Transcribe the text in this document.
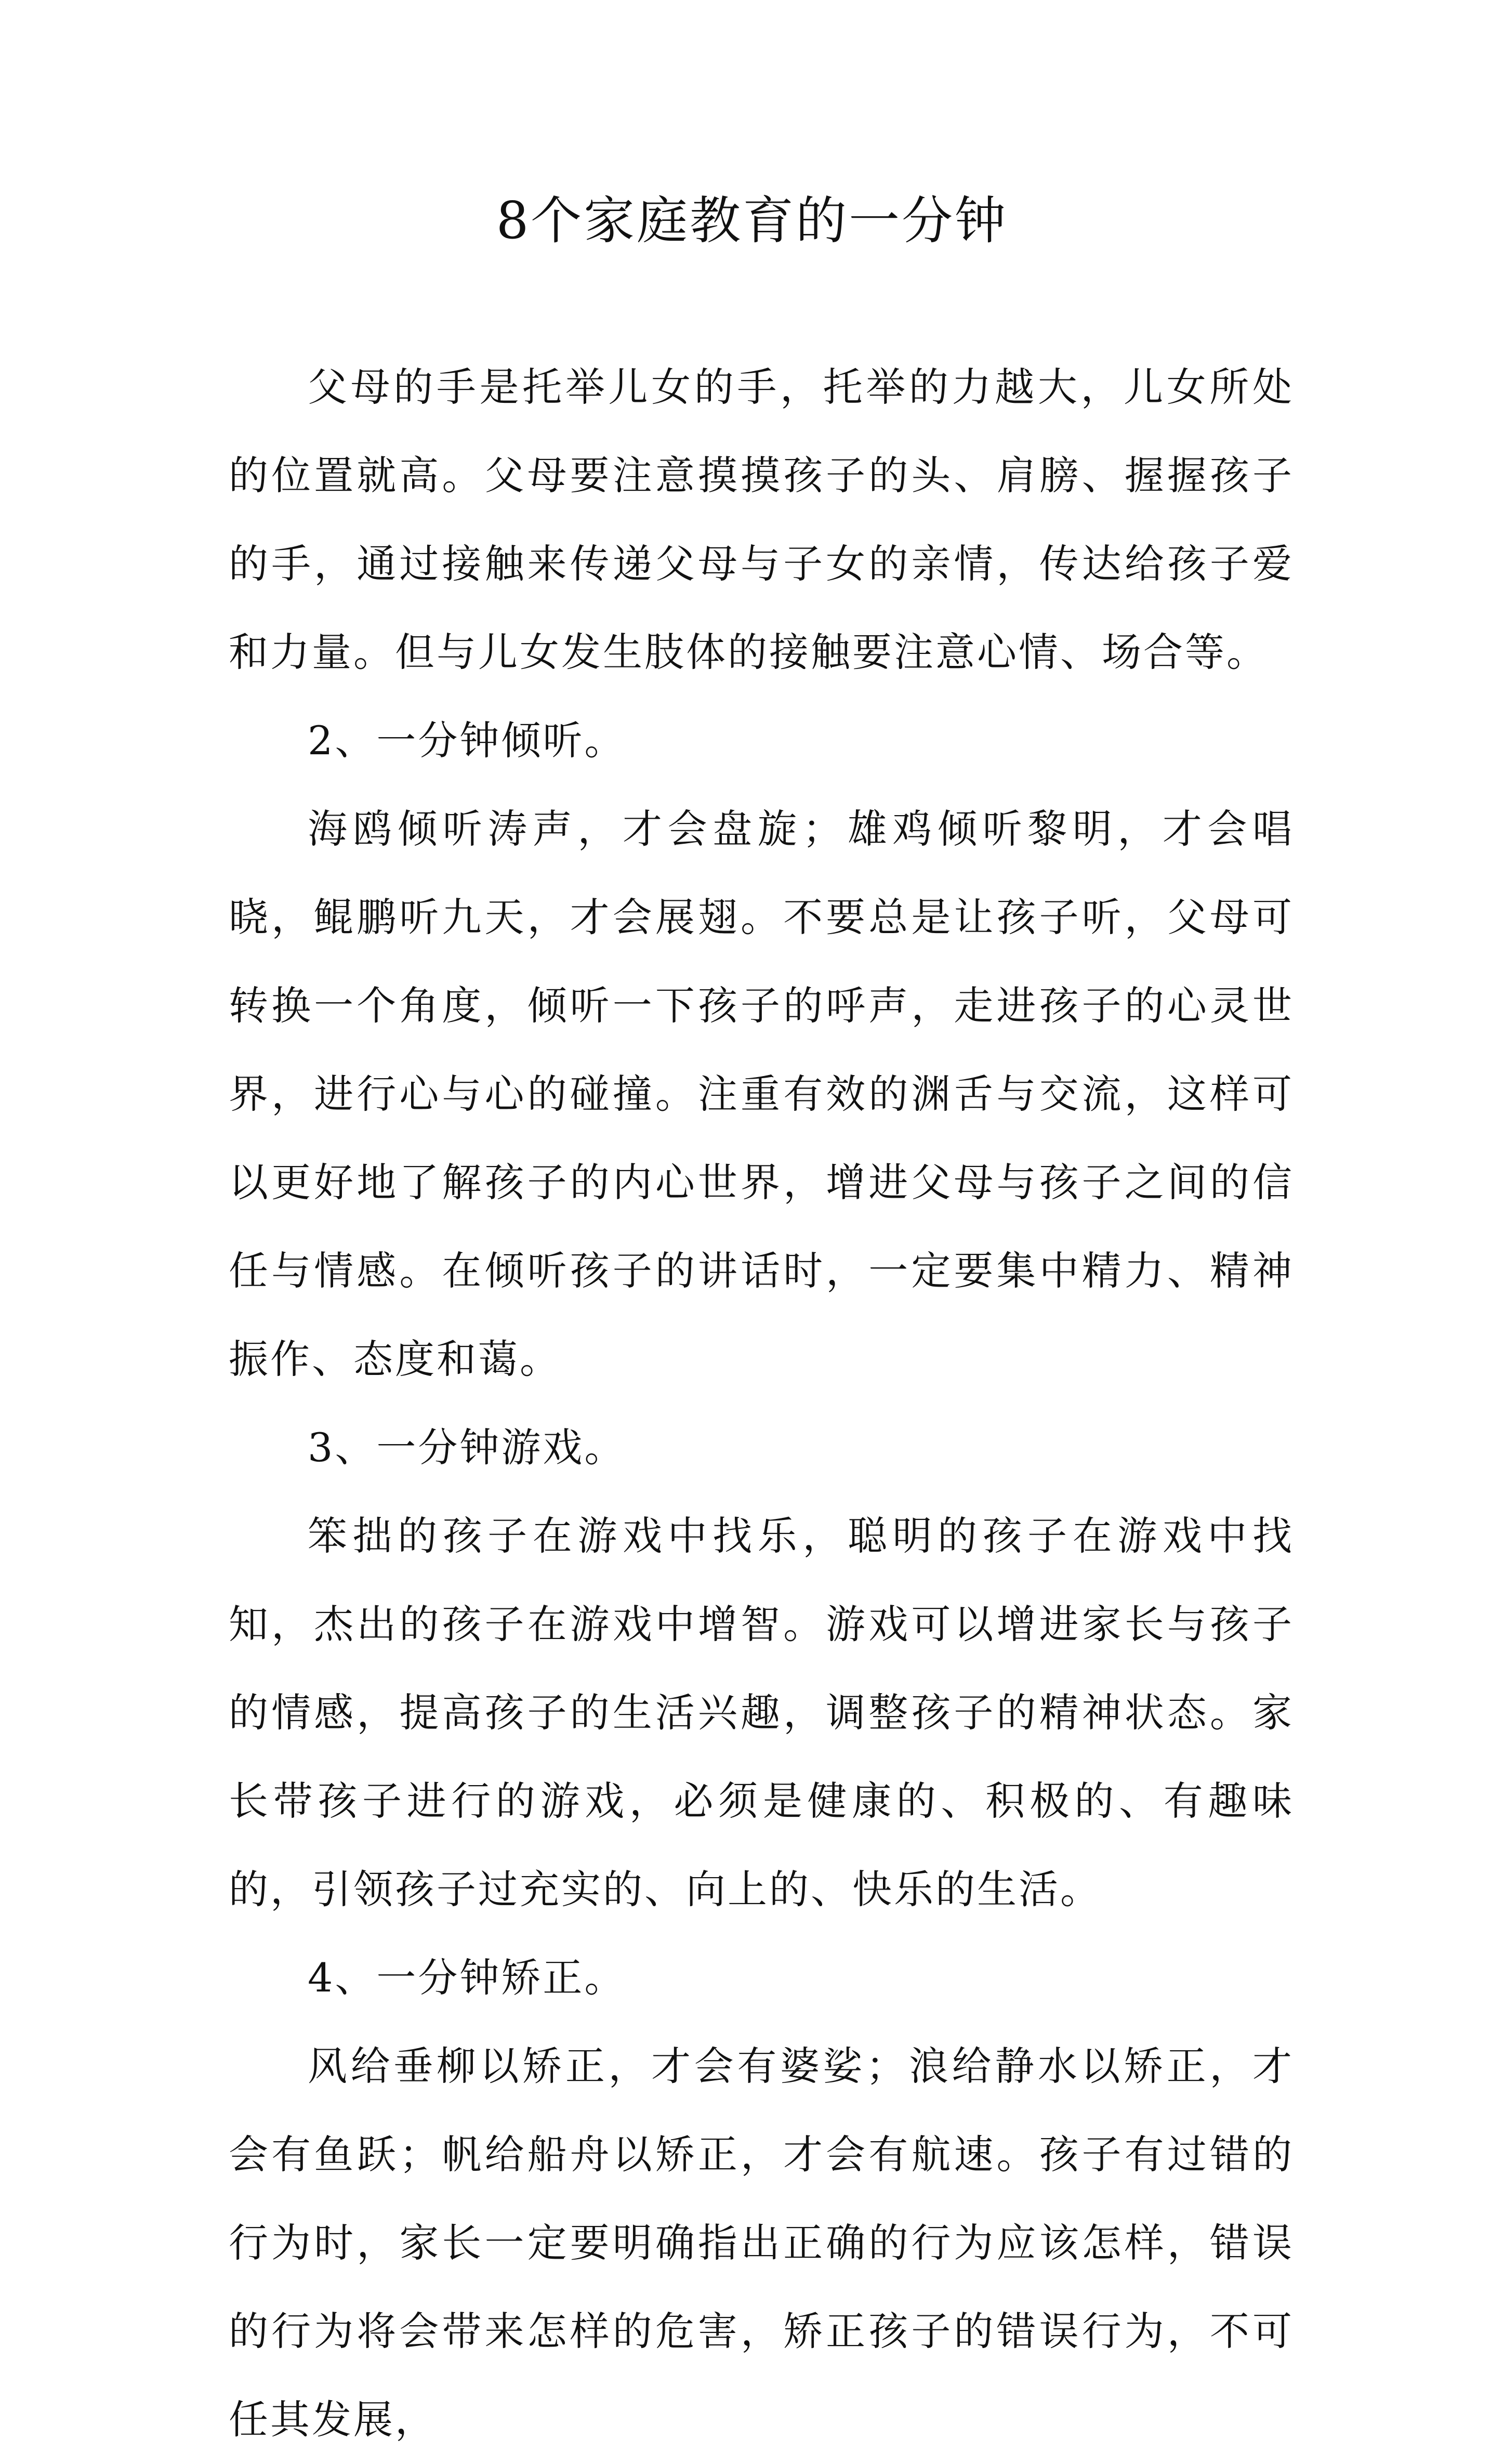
8个家庭教育的一分钟

父母的手是托举儿女的手，托举的力越大，儿女所处的位置就高。父母要注意摸摸孩子的头、肩膀、握握孩子的手，通过接触来传递父母与子女的亲情，传达给孩子爱和力量。但与儿女发生肢体的接触要注意心情、场合等。

2、一分钟倾听。

海鸥倾听涛声，才会盘旋；雄鸡倾听黎明，才会唱晓，鲲鹏听九天，才会展翅。不要总是让孩子听，父母可转换一个角度，倾听一下孩子的呼声，走进孩子的心灵世界，进行心与心的碰撞。注重有效的渊舌与交流，这样可以更好地了解孩子的内心世界，增进父母与孩子之间的信任与情感。在倾听孩子的讲话时，一定要集中精力、精神振作、态度和蔼。

3、一分钟游戏。

笨拙的孩子在游戏中找乐，聪明的孩子在游戏中找知，杰出的孩子在游戏中增智。游戏可以增进家长与孩子的情感，提高孩子的生活兴趣，调整孩子的精神状态。家长带孩子进行的游戏，必须是健康的、积极的、有趣味的，引领孩子过充实的、向上的、快乐的生活。

4、一分钟矫正。

风给垂柳以矫正，才会有婆娑；浪给静水以矫正，才会有鱼跃；帆给船舟以矫正，才会有航速。孩子有过错的行为时，家长一定要明确指出正确的行为应该怎样，错误的行为将会带来怎样的危害，矫正孩子的错误行为，不可任其发展，
